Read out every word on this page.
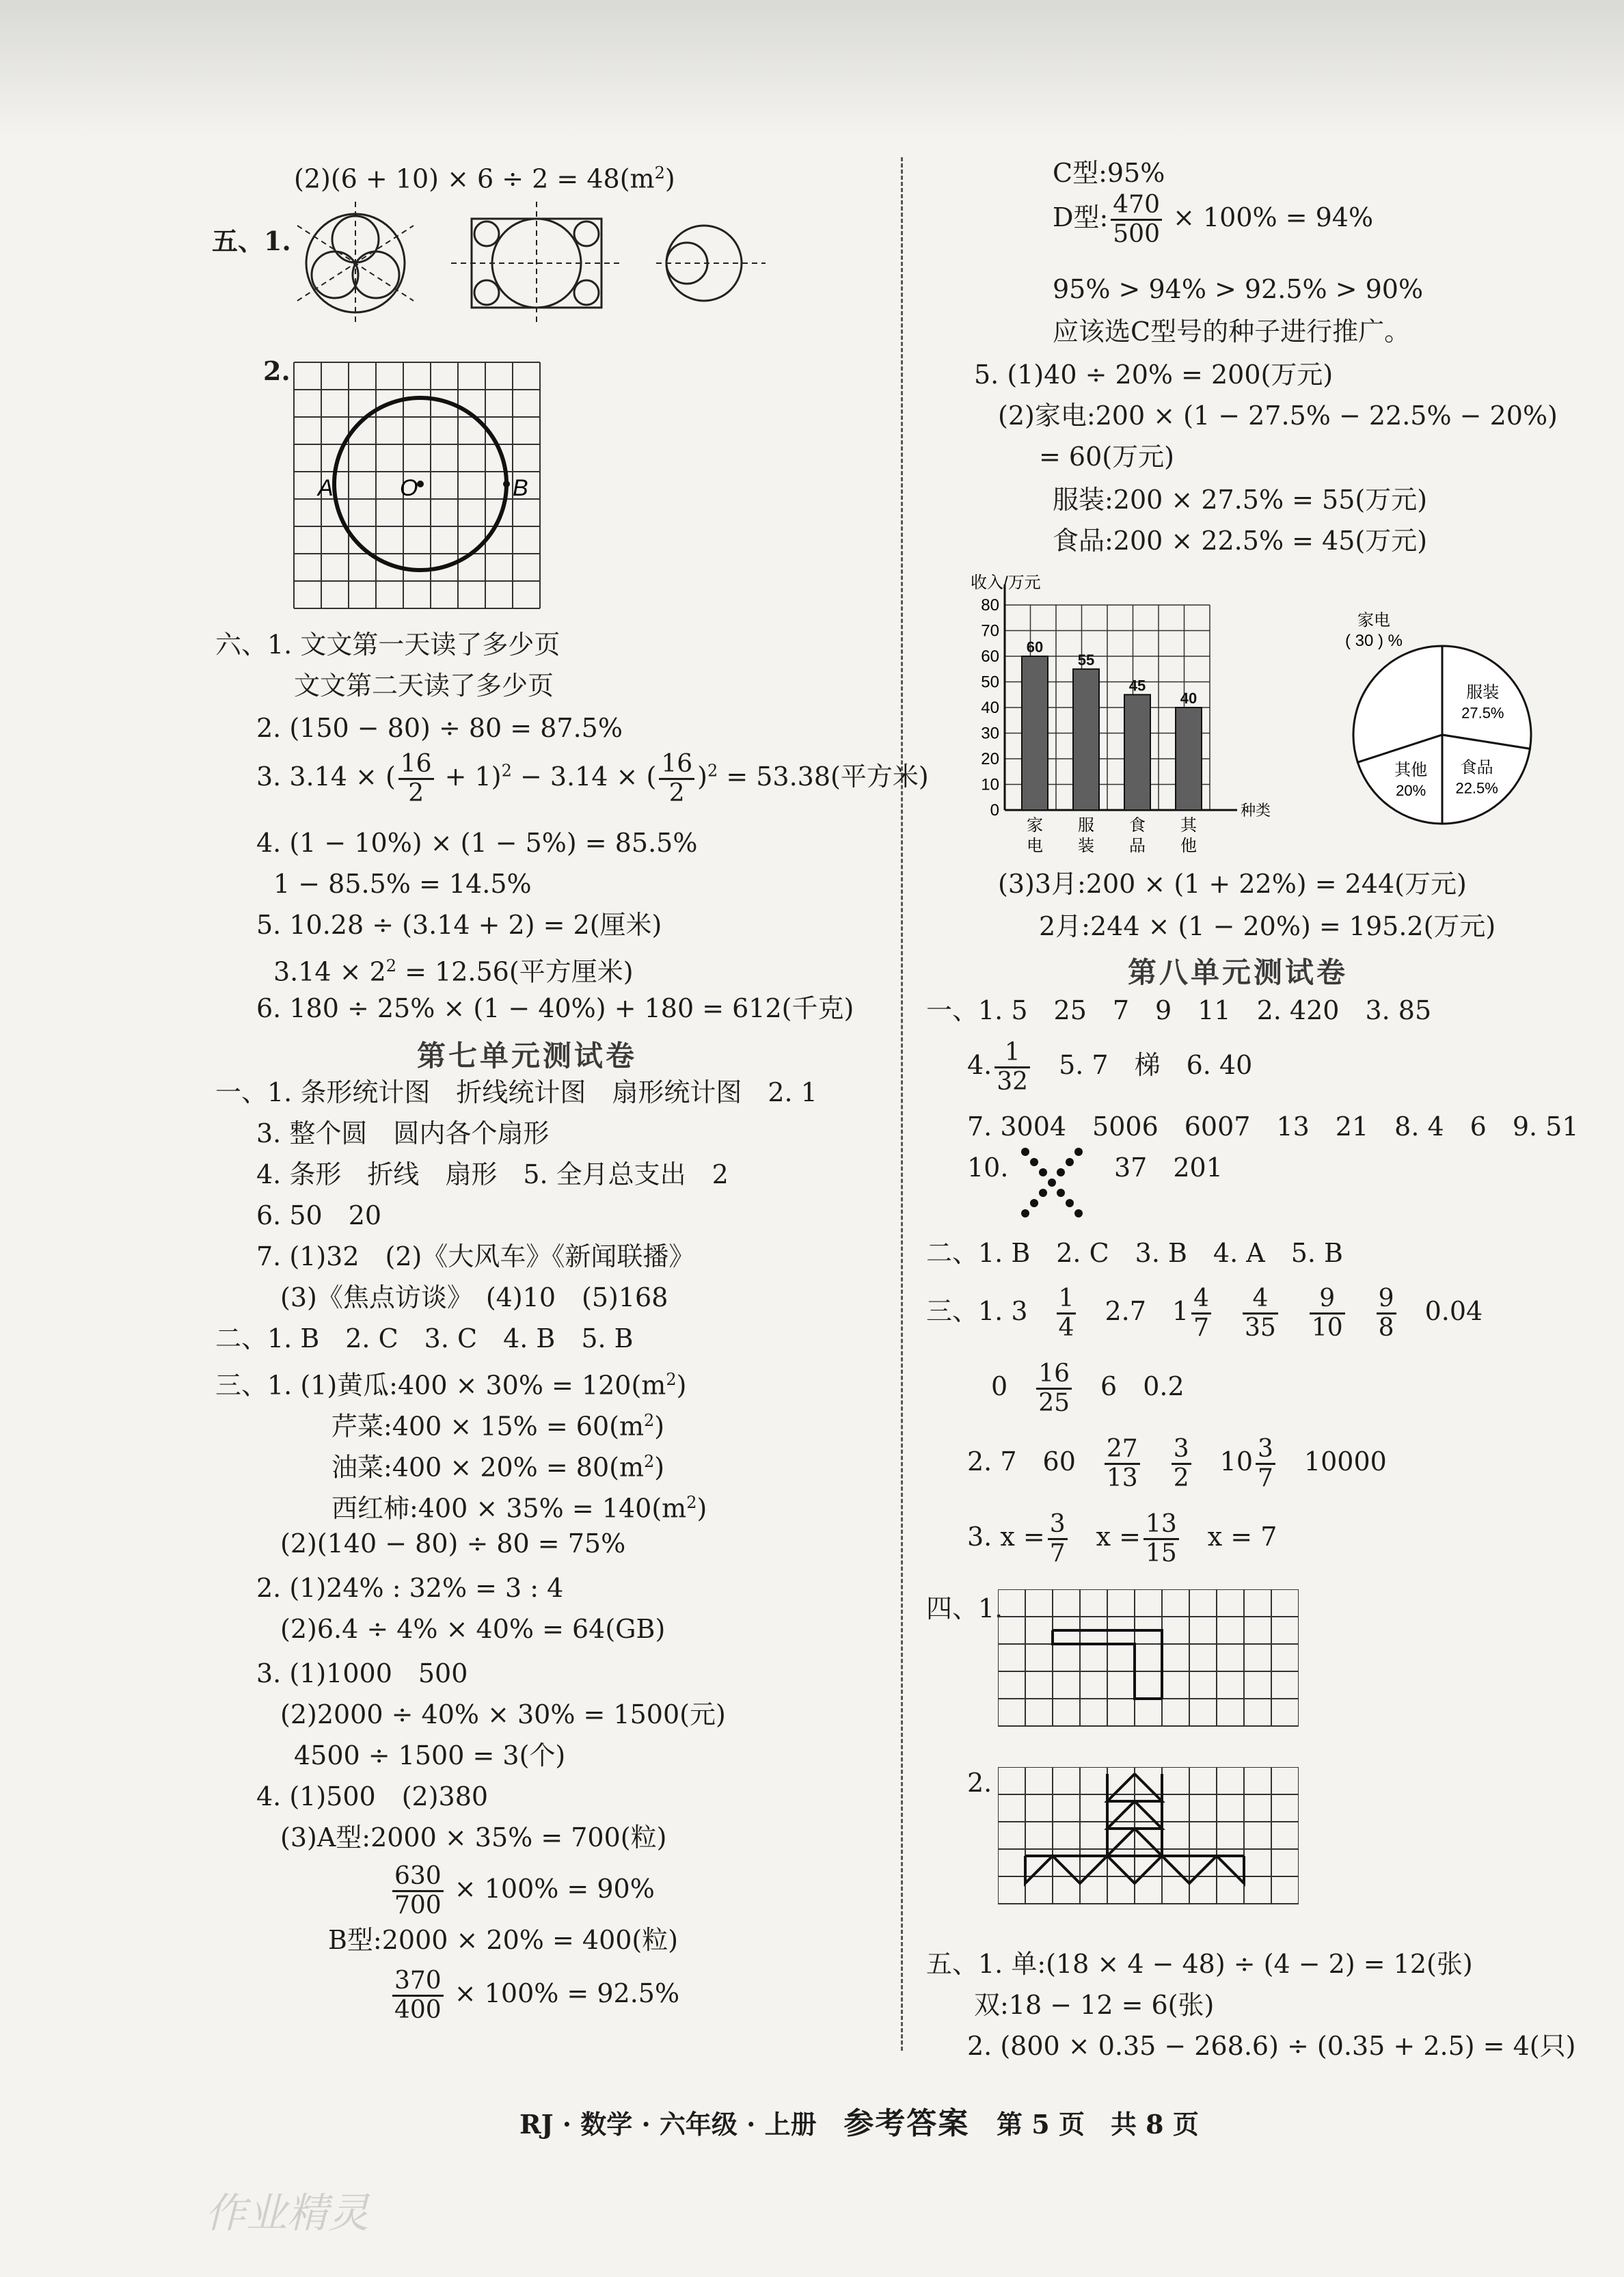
$(2)(6 + 10) \times 6 \div 2 = 48(m^2)$
五、1.
2.
A	O	B
六、1. 文文第一天读了多少页
文文第二天读了多少页
2. (150 − 80) ÷ 80 = 87.5%
3. 3.14 × ( $\frac{16}{2} + 1)^2 - 3.14$ × ( $\frac{16}{2} )^2 = 53.38$(平方米)
4. (1 − 10%) × (1 − 5%) = 85.5%
1 − 85.5% = 14.5%
5. 10.28 ÷ (3.14 + 2) = 2(厘米)
$3.14 \times 2^2 = 12.56$(平方厘米)
6. 180 ÷ 25% × (1 − 40%) + 180 = 612(千克)
第七单元测试卷
一、1. 条形统计图　折线统计图　扇形统计图　2. 1
3. 整个圆　圆内各个扇形
4. 条形　折线　扇形　5. 全月总支出　2
6. 50　20
7. (1)32　(2)《大风车》《新闻联播》
(3)《焦点访谈》　(4)10　(5)168
二、1. B　2. C　3. C　4. B　5. B
三、1. (1)黄瓜:400 × $30\% = 120(m^2)$
芹菜:400 × $15\% = 60(m^2)$
油菜:400 × $20\% = 80(m^2)$
西红柿:400 × $35\% = 140(m^2)$
(2)(140 − 80) ÷ 80 = 75%
2. (1)24% : 32% = 3 : 4
(2)6.4 ÷ 4% × 40% = 64(GB)
3. (1)1000　500
(2)2000 ÷ 40% × 30% = 1500(元)
4500 ÷ 1500 = 3(个)
4. (1)500　(2)380
(3)A型:2000 × 35% = 700(粒)
$\frac{630}{700} \times 100\% = 90\%$
B型:2000 × 20% = 400(粒)
$\frac{370}{400} \times 100\% = 92.5\%$
C型:95%
D型: $\frac{470}{500} \times 100\% = 94\%$
95% > 94% > 92.5% > 90%
应该选C型号的种子进行推广。
5. (1)40 ÷ 20% = 200(万元)
(2)家电:200 × (1 − 27.5% − 22.5% − 20%)
= 60(万元)
服装:200 × 27.5% = 55(万元)
食品:200 × 22.5% = 45(万元)
收入/万元
0
10
20
30
40
50
60
70
80
种类
60
家
电
55
服
装
45
食
品
40
其
他
家电
( 30 ) %
服装
27.5%
食品
22.5%
其他
20%
(3)3月:200 × (1 + 22%) = 244(万元)
2月:244 × (1 − 20%) = 195.2(万元)
第八单元测试卷
一、1. 5　25　7　9　11　2. 420　3. 85
4. $\frac{1}{32}$
　 5. 7　梯　6. 40
7. 3004　5006　6007　13　21　8. 4　6　9. 51
10.	37　201
二、1. B　2. C　3. B　4. A　5. B
三、1. 3　 $\frac{1}{4}$
　 2.7　$1 \frac{4}{7}$
　 $\frac{4}{35}$
　 $\frac{9}{10}$
　 $\frac{9}{8}$
　 0.04
0　 $\frac{16}{25}$
　 6　0.2
2. 7　60　 $\frac{27}{13}$
　 $\frac{3}{2}$
　 $10 \frac{3}{7}$
　 10000
3. $x = \frac{3}{7}$
　 $x = \frac{13}{15}$
　 x = 7
四、1.
2.
五、1. 单:(18 × 4 − 48) ÷ (4 − 2) = 12(张)
双:18 − 12 = 6(张)
2. (800 × 0.35 − 268.6) ÷ (0.35 + 2.5) = 4(只)
RJ · 数学 · 六年级 · 上册 参考答案 第 5 页　共 8 页
作业精灵
